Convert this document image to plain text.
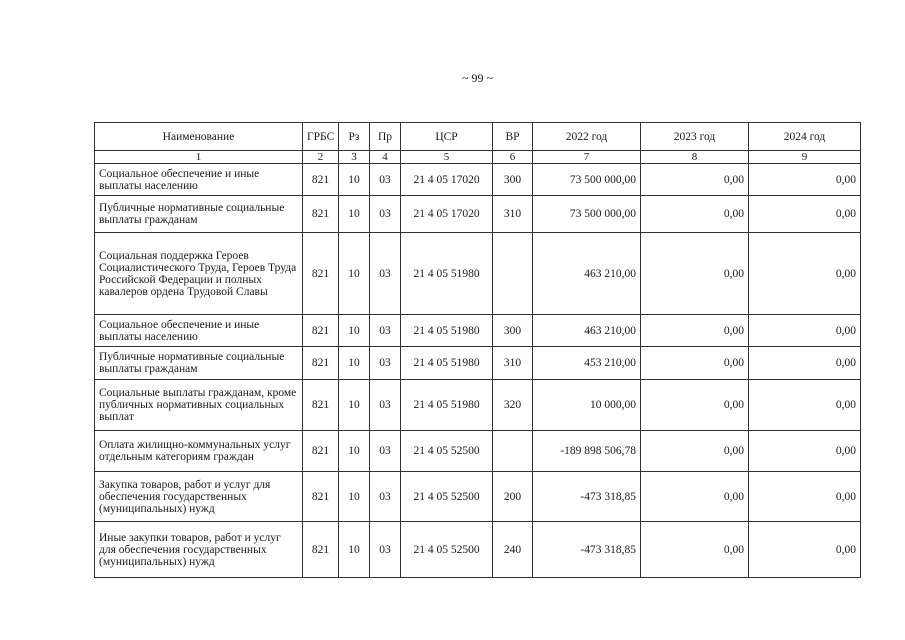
~ 99 ~
Наименование	ГРБС	Рз	Пр	ЦСР	ВР	2022 год	2023 год	2024 год
1	2	3	4	5	6	7	8	9
Социальное обеспечение и иные выплаты населению	821	10	03	21 4 05 17020	300	73 500 000,00	0,00	0,00
Публичные нормативные социальные выплаты гражданам	821	10	03	21 4 05 17020	310	73 500 000,00	0,00	0,00
Социальная поддержка Героев Социалистического Труда, Героев Труда Российской Федерации и полных кавалеров ордена Трудовой Славы	821	10	03	21 4 05 51980		463 210,00	0,00	0,00
Социальное обеспечение и иные выплаты населению	821	10	03	21 4 05 51980	300	463 210,00	0,00	0,00
Публичные нормативные социальные выплаты гражданам	821	10	03	21 4 05 51980	310	453 210,00	0,00	0,00
Социальные выплаты гражданам, кроме публичных нормативных социальных выплат	821	10	03	21 4 05 51980	320	10 000,00	0,00	0,00
Оплата жилищно-коммунальных услуг отдельным категориям граждан	821	10	03	21 4 05 52500		-189 898 506,78	0,00	0,00
Закупка товаров, работ и услуг для обеспечения государственных (муниципальных) нужд	821	10	03	21 4 05 52500	200	-473 318,85	0,00	0,00
Иные закупки товаров, работ и услуг для обеспечения государственных (муниципальных) нужд	821	10	03	21 4 05 52500	240	-473 318,85	0,00	0,00
